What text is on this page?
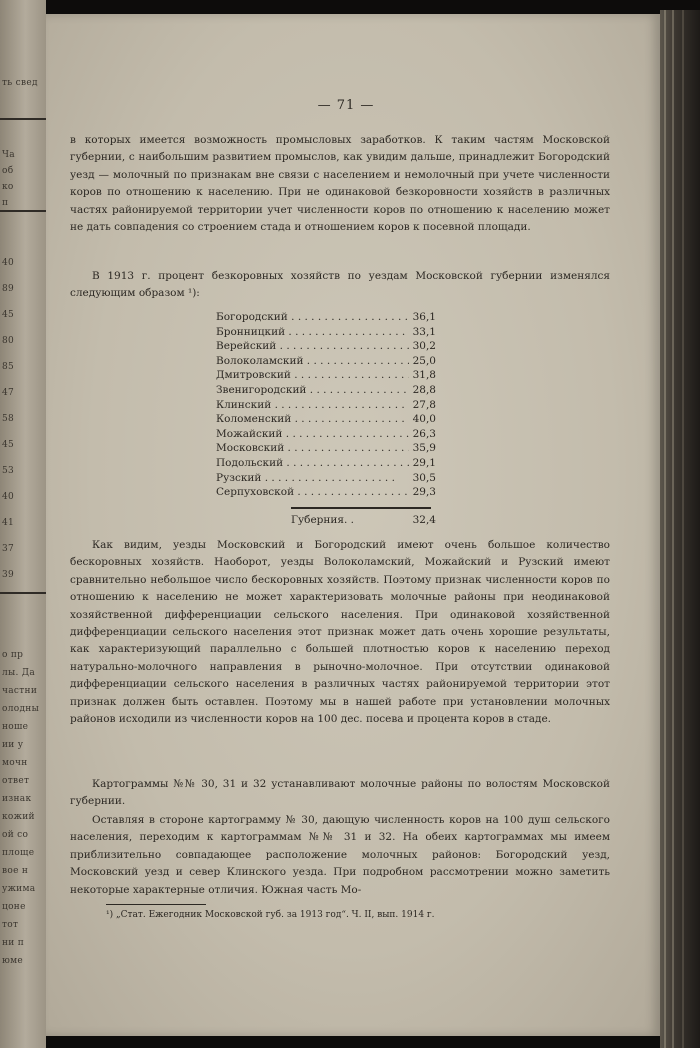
ть свед
Ча
об
ко
п
40
89
45
80
85
47
58
45
53
40
41
37
39
о пр
лы. Да
частни
олодны
ноше
ии у
мочн
ответ
изнак
кожий
ой со
площе
вое н
ужима
цоне
тот
ни п
юме
— 71 —

в которых имеется возможность промысловых заработков. К таким частям Московской губернии, с наибольшим развитием промыслов, как увидим дальше, принадлежит Богородский уезд — молочный по признакам вне связи с населением и немолочный при учете численности коров по отношению к населению. При не одинаковой безкоровности хозяйств в различных частях районируемой территории учет численности коров по отношению к населению может не дать совпадения со строением стада и отношением коров к посевной площади.

В 1913 г. процент безкоровных хозяйств по уездам Московской губернии изменялся следующим образом ¹):

Богородский . . .	36,1
Бронницкий . . .	33,1
Верейский . . .	30,2
Волоколамский . . .	25,0
Дмитровский . . .	31,8
Звенигородский . . .	28,8
Клинский . . .	27,8
Коломенский . . .	40,0
Можайский . . .	26,3
Московский . . .	35,9
Подольский . . .	29,1
Рузский . . .	30,5
Серпуховской . . .	29,3
Губерния. .	32,4

Как видим, уезды Московский и Богородский имеют очень большое количество бескоровных хозяйств. Наоборот, уезды Волоколамский, Можайский и Рузский имеют сравнительно небольшое число бескоровных хозяйств. Поэтому признак численности коров по отношению к населению не может характеризовать молочные районы при неодинаковой хозяйственной дифференциации сельского населения. При одинаковой хозяйственной дифференциации сельского населения этот признак может дать очень хорошие результаты, как характеризующий параллельно с большей плотностью коров к населению переход натурально-молочного направления в рыночно-молочное. При отсутствии одинаковой дифференциации сельского населения в различных частях районируемой территории этот признак должен быть оставлен. Поэтому мы в нашей работе при установлении молочных районов исходили из численности коров на 100 дес. посева и процента коров в стаде.

Картограммы №№ 30, 31 и 32 устанавливают молочные районы по волостям Московской губернии.

Оставляя в стороне картограмму № 30, дающую численность коров на 100 душ сельского населения, переходим к картограммам №№ 31 и 32. На обеих картограммах мы имеем приблизительно совпадающее расположение молочных районов: Богородский уезд, Московский уезд и север Клинского уезда. При подробном рассмотрении можно заметить некоторые характерные отличия. Южная часть Мо-

¹) „Стат. Ежегодник Московской губ. за 1913 год“. Ч. II, вып. 1914 г.
